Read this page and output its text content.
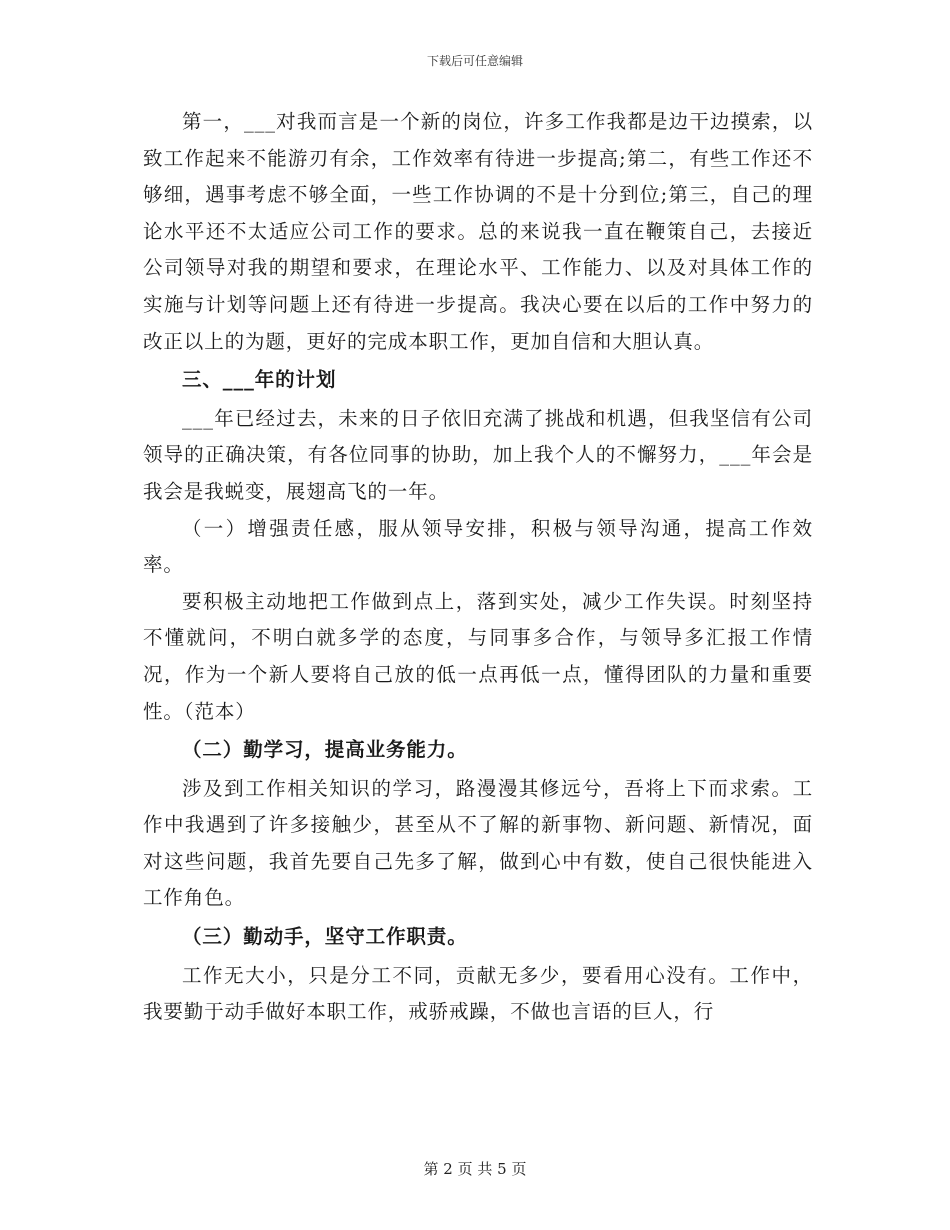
下载后可任意编辑

第一，___对我而言是一个新的岗位，许多工作我都是边干边摸索，以致工作起来不能游刃有余，工作效率有待进一步提高;第二，有些工作还不够细，遇事考虑不够全面，一些工作协调的不是十分到位;第三，自己的理论水平还不太适应公司工作的要求。总的来说我一直在鞭策自己，去接近公司领导对我的期望和要求，在理论水平、工作能力、以及对具体工作的实施与计划等问题上还有待进一步提高。我决心要在以后的工作中努力的改正以上的为题，更好的完成本职工作，更加自信和大胆认真。

三、___年的计划

___年已经过去，未来的日子依旧充满了挑战和机遇，但我坚信有公司领导的正确决策，有各位同事的协助，加上我个人的不懈努力，___年会是我会是我蜕变，展翅高飞的一年。

（一）增强责任感，服从领导安排，积极与领导沟通，提高工作效率。

要积极主动地把工作做到点上，落到实处，减少工作失误。时刻坚持不懂就问，不明白就多学的态度，与同事多合作，与领导多汇报工作情况，作为一个新人要将自己放的低一点再低一点，懂得团队的力量和重要性。（范本）

（二）勤学习，提高业务能力。

涉及到工作相关知识的学习，路漫漫其修远兮，吾将上下而求索。工作中我遇到了许多接触少，甚至从不了解的新事物、新问题、新情况，面对这些问题，我首先要自己先多了解，做到心中有数，使自己很快能进入工作角色。

（三）勤动手，坚守工作职责。

工作无大小，只是分工不同，贡献无多少，要看用心没有。工作中，我要勤于动手做好本职工作，戒骄戒躁，不做也言语的巨人，行

第 2 页 共 5 页
